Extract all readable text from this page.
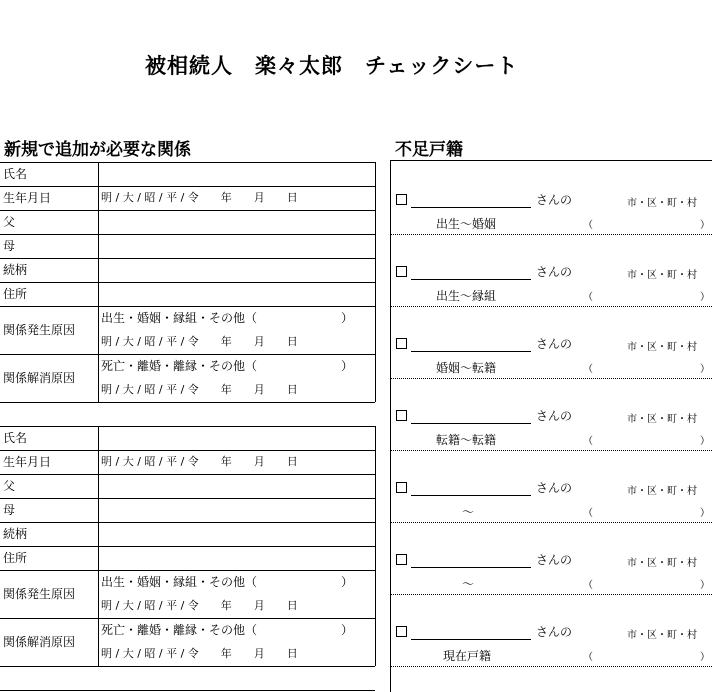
被相続人　楽々太郎　チェックシート
新規で追加が必要な関係	不足戸籍
氏名
生年月日	明 / 大 / 昭 / 平 / 令　　年　　月　　日
父
母
続柄
住所
関係発生原因
出生・婚姻・縁組・その他（　　　　　　　）
明 / 大 / 昭 / 平 / 令　　年　　月　　日
関係解消原因
死亡・離婚・離縁・その他（　　　　　　　）
明 / 大 / 昭 / 平 / 令　　年　　月　　日
氏名
生年月日	明 / 大 / 昭 / 平 / 令　　年　　月　　日
父
母
続柄
住所
関係発生原因
出生・婚姻・縁組・その他（　　　　　　　）
明 / 大 / 昭 / 平 / 令　　年　　月　　日
関係解消原因
死亡・離婚・離縁・その他（　　　　　　　）
明 / 大 / 昭 / 平 / 令　　年　　月　　日
さんの	市・区・町・村
出生～婚姻	（	）
さんの	市・区・町・村
出生～縁組	（	）
さんの	市・区・町・村
婚姻～転籍	（	）
さんの	市・区・町・村
転籍～転籍	（	）
さんの	市・区・町・村
～	（	）
さんの	市・区・町・村
～	（	）
さんの	市・区・町・村
現在戸籍	（	）
